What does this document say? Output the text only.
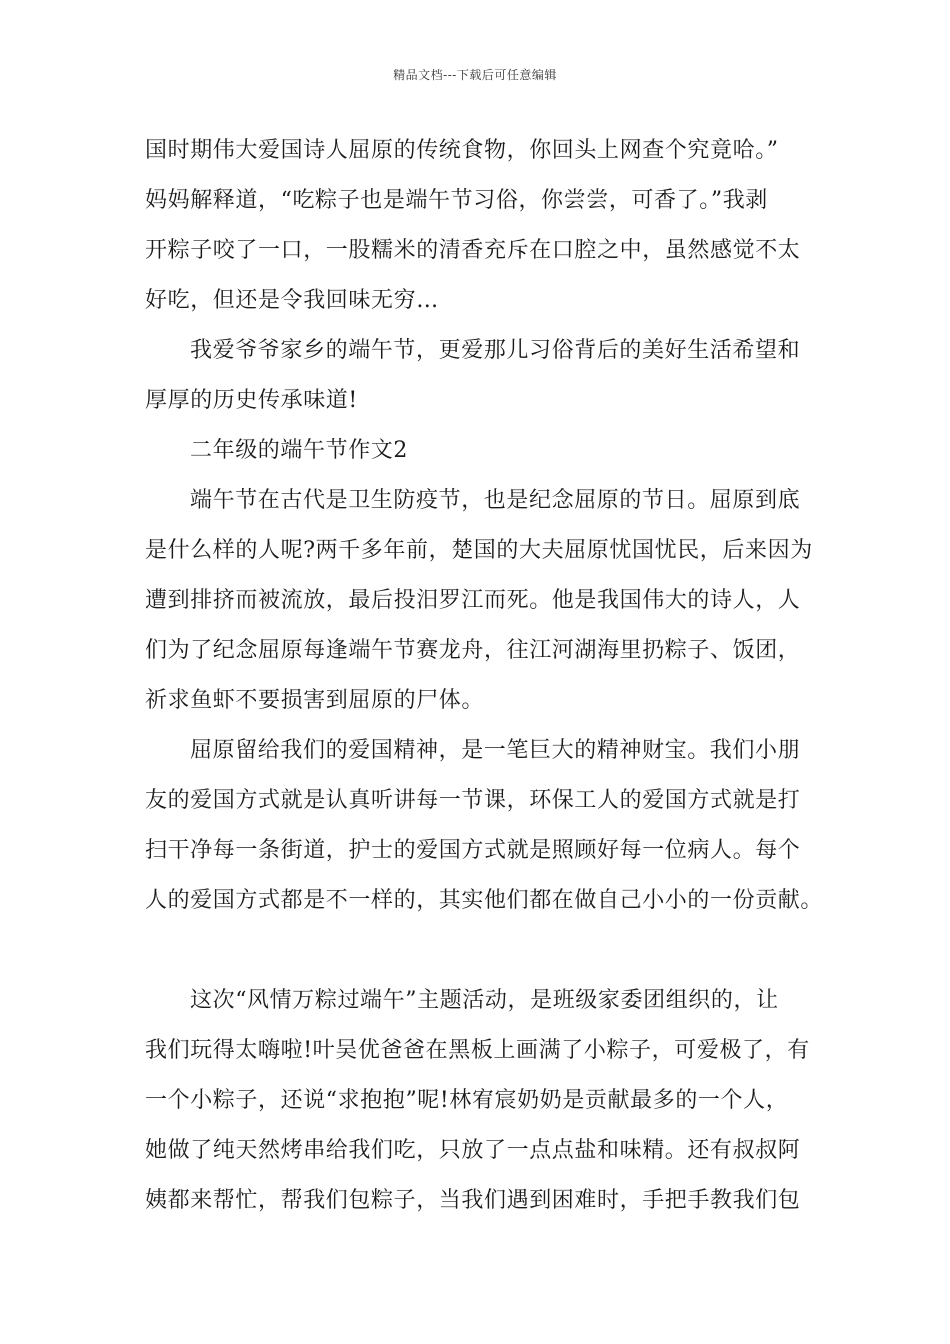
精品文档---下载后可任意编辑
国时期伟大爱国诗人屈原的传统食物，你回头上网查个究竟哈。”
妈妈解释道，“吃粽子也是端午节习俗，你尝尝，可香了。”我剥
开粽子咬了一口，一股糯米的清香充斥在口腔之中，虽然感觉不太
好吃，但还是令我回味无穷…
我爱爷爷家乡的端午节，更爱那儿习俗背后的美好生活希望和
厚厚的历史传承味道!
二年级的端午节作文2
端午节在古代是卫生防疫节，也是纪念屈原的节日。屈原到底
是什么样的人呢?两千多年前，楚国的大夫屈原忧国忧民，后来因为
遭到排挤而被流放，最后投汨罗江而死。他是我国伟大的诗人，人
们为了纪念屈原每逢端午节赛龙舟，往江河湖海里扔粽子、饭团，
祈求鱼虾不要损害到屈原的尸体。
屈原留给我们的爱国精神，是一笔巨大的精神财宝。我们小朋
友的爱国方式就是认真听讲每一节课，环保工人的爱国方式就是打
扫干净每一条街道，护士的爱国方式就是照顾好每一位病人。每个
人的爱国方式都是不一样的，其实他们都在做自己小小的一份贡献。
这次“风情万粽过端午”主题活动，是班级家委团组织的，让
我们玩得太嗨啦!叶吴优爸爸在黑板上画满了小粽子，可爱极了，有
一个小粽子，还说“求抱抱”呢!林宥宸奶奶是贡献最多的一个人，
她做了纯天然烤串给我们吃，只放了一点点盐和味精。还有叔叔阿
姨都来帮忙，帮我们包粽子，当我们遇到困难时，手把手教我们包
